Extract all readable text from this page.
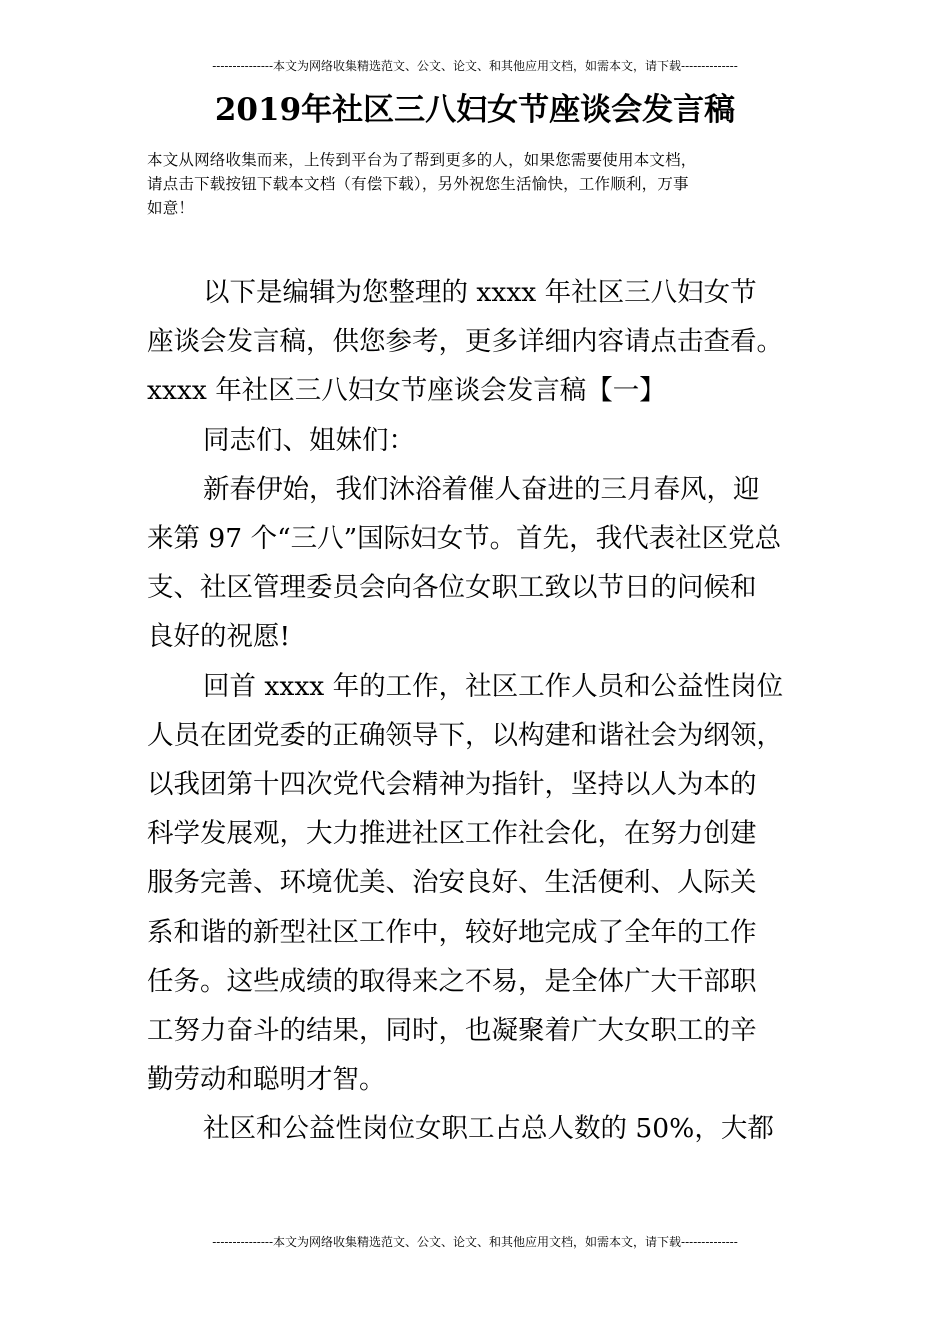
---------------本文为网络收集精选范文、公文、论文、和其他应用文档，如需本文，请下载--------------
2019年社区三八妇女节座谈会发言稿
本文从网络收集而来，上传到平台为了帮到更多的人，如果您需要使用本文档，
请点击下载按钮下载本文档（有偿下载），另外祝您生活愉快，工作顺利，万事
如意！
以下是编辑为您整理的 xxxx 年社区三八妇女节
座谈会发言稿，供您参考，更多详细内容请点击查看。
xxxx 年社区三八妇女节座谈会发言稿【一】
同志们、姐妹们：
新春伊始，我们沐浴着催人奋进的三月春风，迎
来第 97 个“三八”国际妇女节。首先，我代表社区党总
支、社区管理委员会向各位女职工致以节日的问候和
良好的祝愿!
回首 xxxx 年的工作，社区工作人员和公益性岗位
人员在团党委的正确领导下，以构建和谐社会为纲领，
以我团第十四次党代会精神为指针，坚持以人为本的
科学发展观，大力推进社区工作社会化，在努力创建
服务完善、环境优美、治安良好、生活便利、人际关
系和谐的新型社区工作中，较好地完成了全年的工作
任务。这些成绩的取得来之不易，是全体广大干部职
工努力奋斗的结果，同时，也凝聚着广大女职工的辛
勤劳动和聪明才智。
社区和公益性岗位女职工占总人数的 50%，大都
---------------本文为网络收集精选范文、公文、论文、和其他应用文档，如需本文，请下载--------------
